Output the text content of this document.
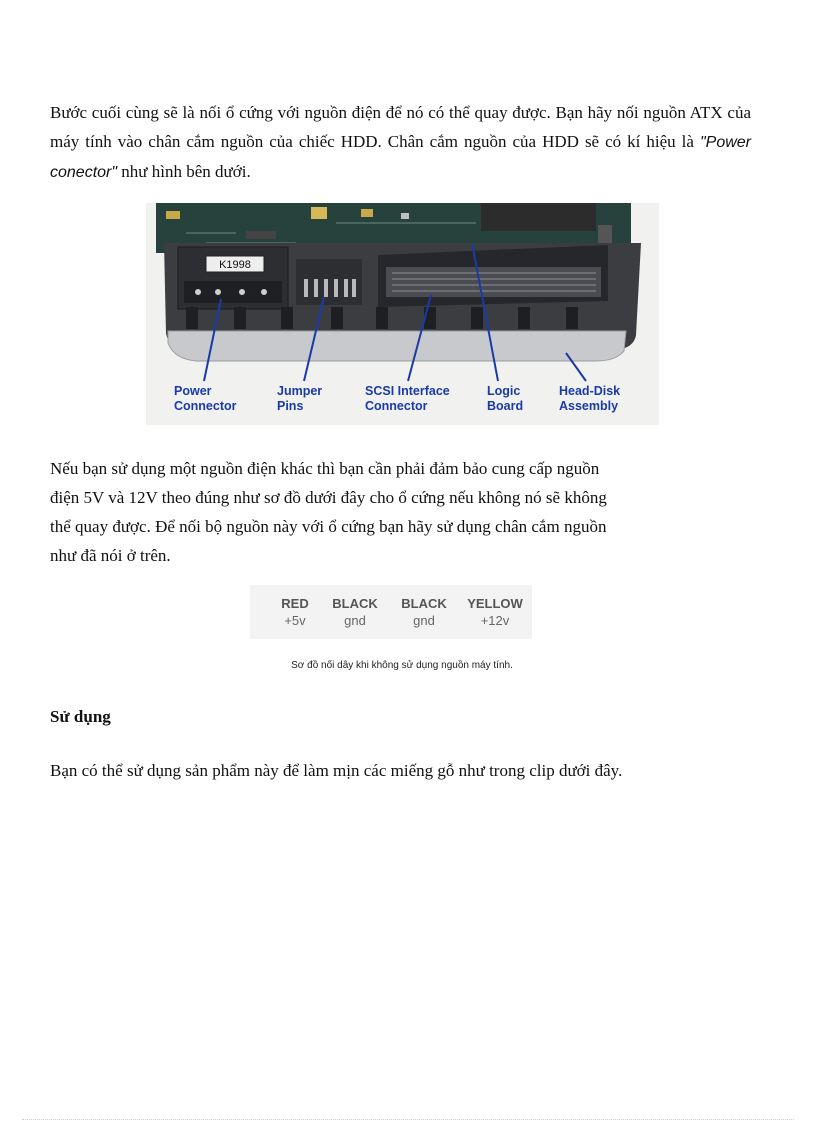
Bước cuối cùng sẽ là nối ổ cứng với nguồn điện để nó có thể quay được. Bạn hãy nối nguồn ATX của máy tính vào chân cắm nguồn của chiếc HDD. Chân cắm nguồn của HDD sẽ có kí hiệu là "Power conector" như hình bên dưới.

K1998
Power
Connector
Jumper
Pins
SCSI Interface
Connector
Logic
Board
Head-Disk
Assembly
Nếu bạn sử dụng một nguồn điện khác thì bạn cần phải đảm bảo cung cấp nguồn
điện 5V và 12V theo đúng như sơ đồ dưới đây cho ổ cứng nếu không nó sẽ không
thể quay được. Để nối bộ nguồn này với ổ cứng bạn hãy sử dụng chân cắm nguồn
như đã nói ở trên.
RED
+5v
BLACK
gnd
BLACK
gnd
YELLOW
+12v
Sơ đồ nối dây khi không sử dụng nguồn máy tính.
Sử dụng

Bạn có thể sử dụng sản phẩm này để làm mịn các miếng gỗ như trong clip dưới đây.
